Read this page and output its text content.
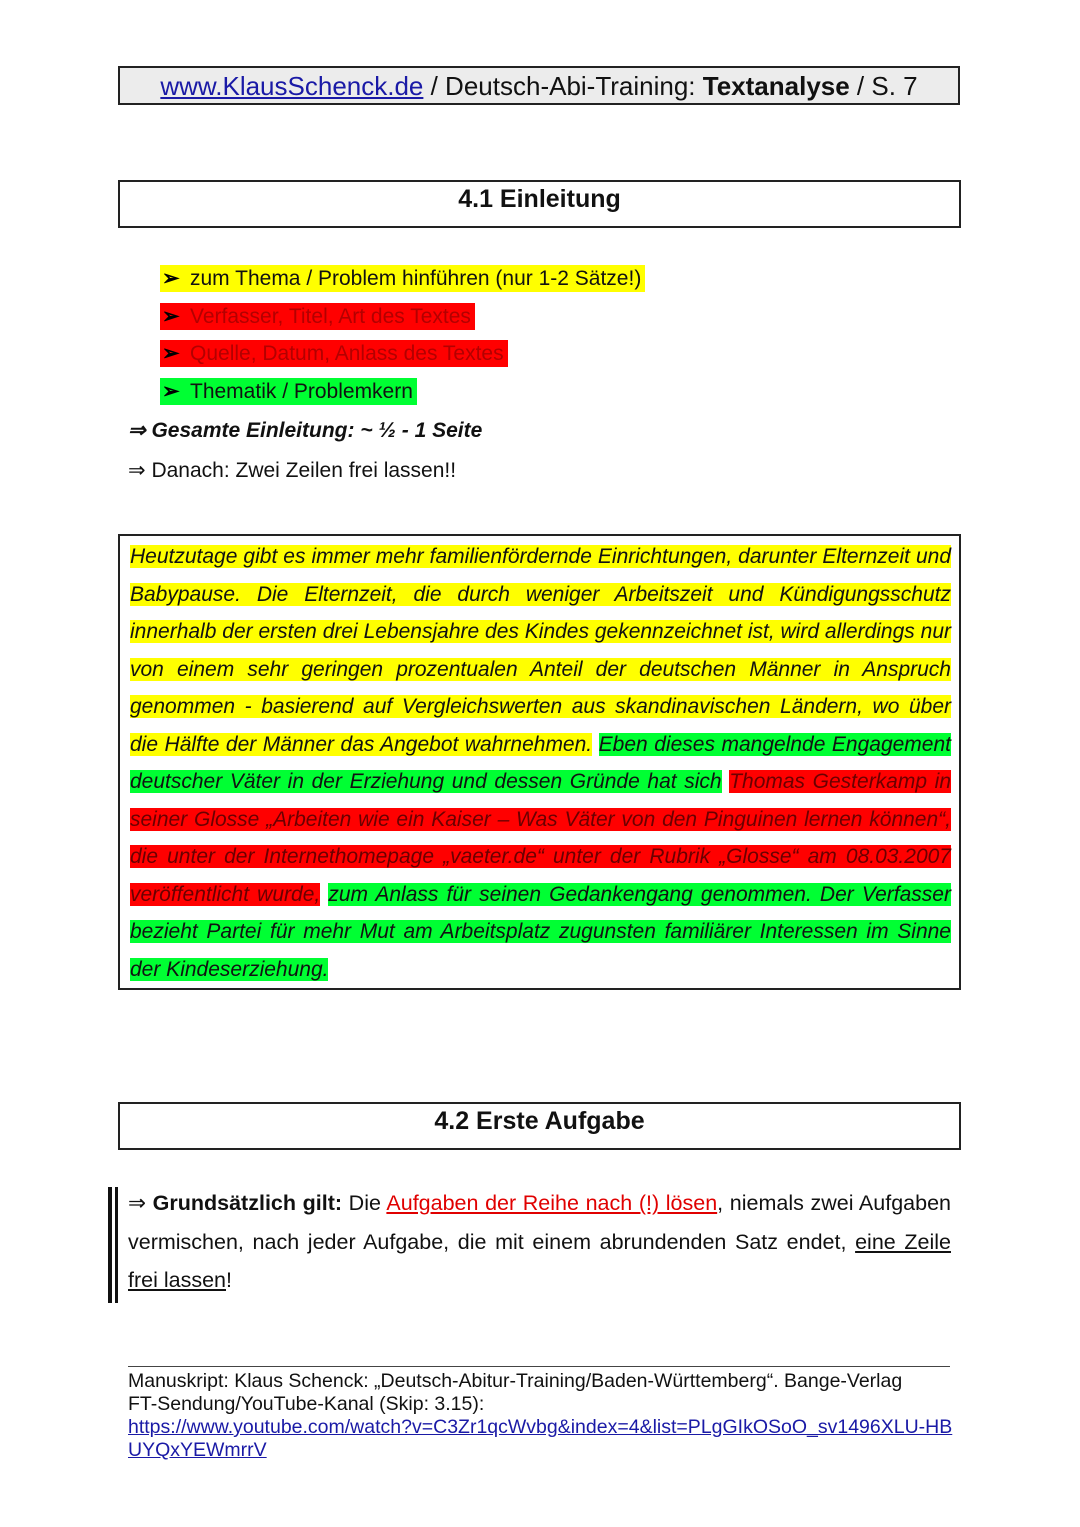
www.KlausSchenck.de / Deutsch-Abi-Training: Textanalyse / S. 7
4.1 Einleitung
➢ zum Thema / Problem hinführen (nur 1-2 Sätze!)
➢ Verfasser, Titel, Art des Textes
➢ Quelle, Datum, Anlass des Textes
➢ Thematik / Problemkern
⇒ Gesamte Einleitung: ~ ½ - 1 Seite
⇒ Danach: Zwei Zeilen frei lassen!!

Heutzutage gibt es immer mehr familienfördernde Einrichtungen, darunter Elternzeit und Babypause. Die Elternzeit, die durch weniger Arbeitszeit und Kündigungsschutz innerhalb der ersten drei Lebensjahre des Kindes gekennzeichnet ist, wird allerdings nur von einem sehr geringen prozentualen Anteil der deutschen Männer in Anspruch genommen - basierend auf Vergleichswerten aus skandinavischen Ländern, wo über die Hälfte der Männer das Angebot wahrnehmen. Eben dieses mangelnde Engagement deutscher Väter in der Erziehung und dessen Gründe hat sich Thomas Gesterkamp in seiner Glosse „Arbeiten wie ein Kaiser – Was Väter von den Pinguinen lernen können“, die unter der Internethomepage „vaeter.de“ unter der Rubrik „Glosse“ am 08.03.2007 veröffentlicht wurde, zum Anlass für seinen Gedankengang genommen. Der Verfasser bezieht Partei für mehr Mut am Arbeitsplatz zugunsten familiärer Interessen im Sinne der Kindeserziehung.

4.2 Erste Aufgabe

⇒ Grundsätzlich gilt: Die Aufgaben der Reihe nach (!) lösen, niemals zwei Aufgaben vermischen, nach jeder Aufgabe, die mit einem abrundenden Satz endet, eine Zeile frei lassen!

Manuskript: Klaus Schenck: „Deutsch-Abitur-Training/Baden-Württemberg“. Bange-Verlag
FT-Sendung/YouTube-Kanal (Skip: 3.15):
https://www.youtube.com/watch?v=C3Zr1qcWvbg&index=4&list=PLgGIkOSoO_sv1496XLU-HBUYQxYEWmrrV
